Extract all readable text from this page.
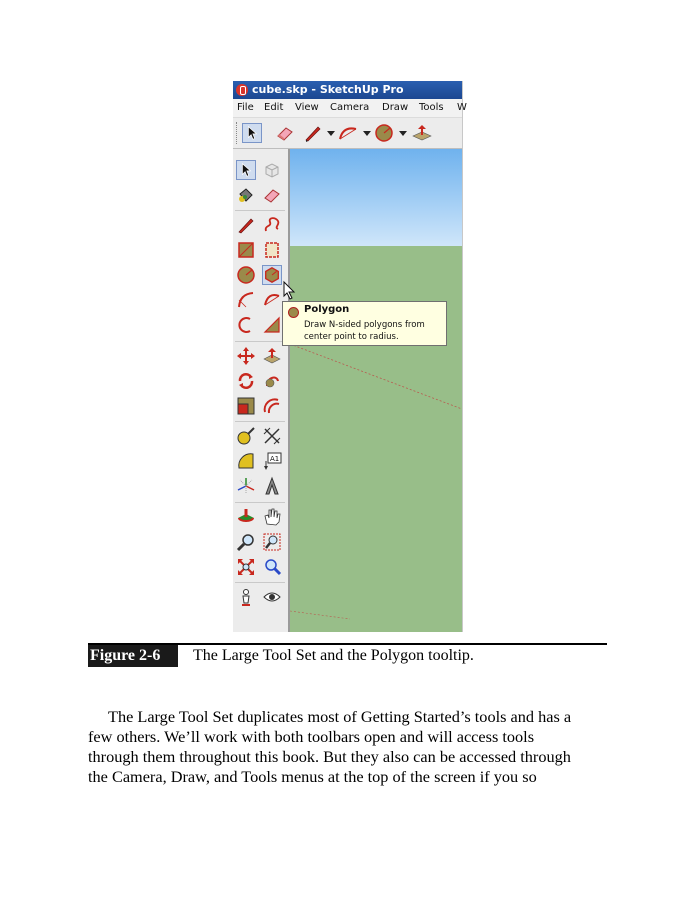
cube.skp - SketchUp Pro
File Edit View Camera Draw Tools W
A1
Polygon
Draw N-sided polygons from
center point to radius.
Figure 2-6	The Large Tool Set and the Polygon tooltip.
The Large Tool Set duplicates most of Getting Started’s tools and has a
few others. We’ll work with both toolbars open and will access tools
through them throughout this book. But they also can be accessed through
the Camera, Draw, and Tools menus at the top of the screen if you so
